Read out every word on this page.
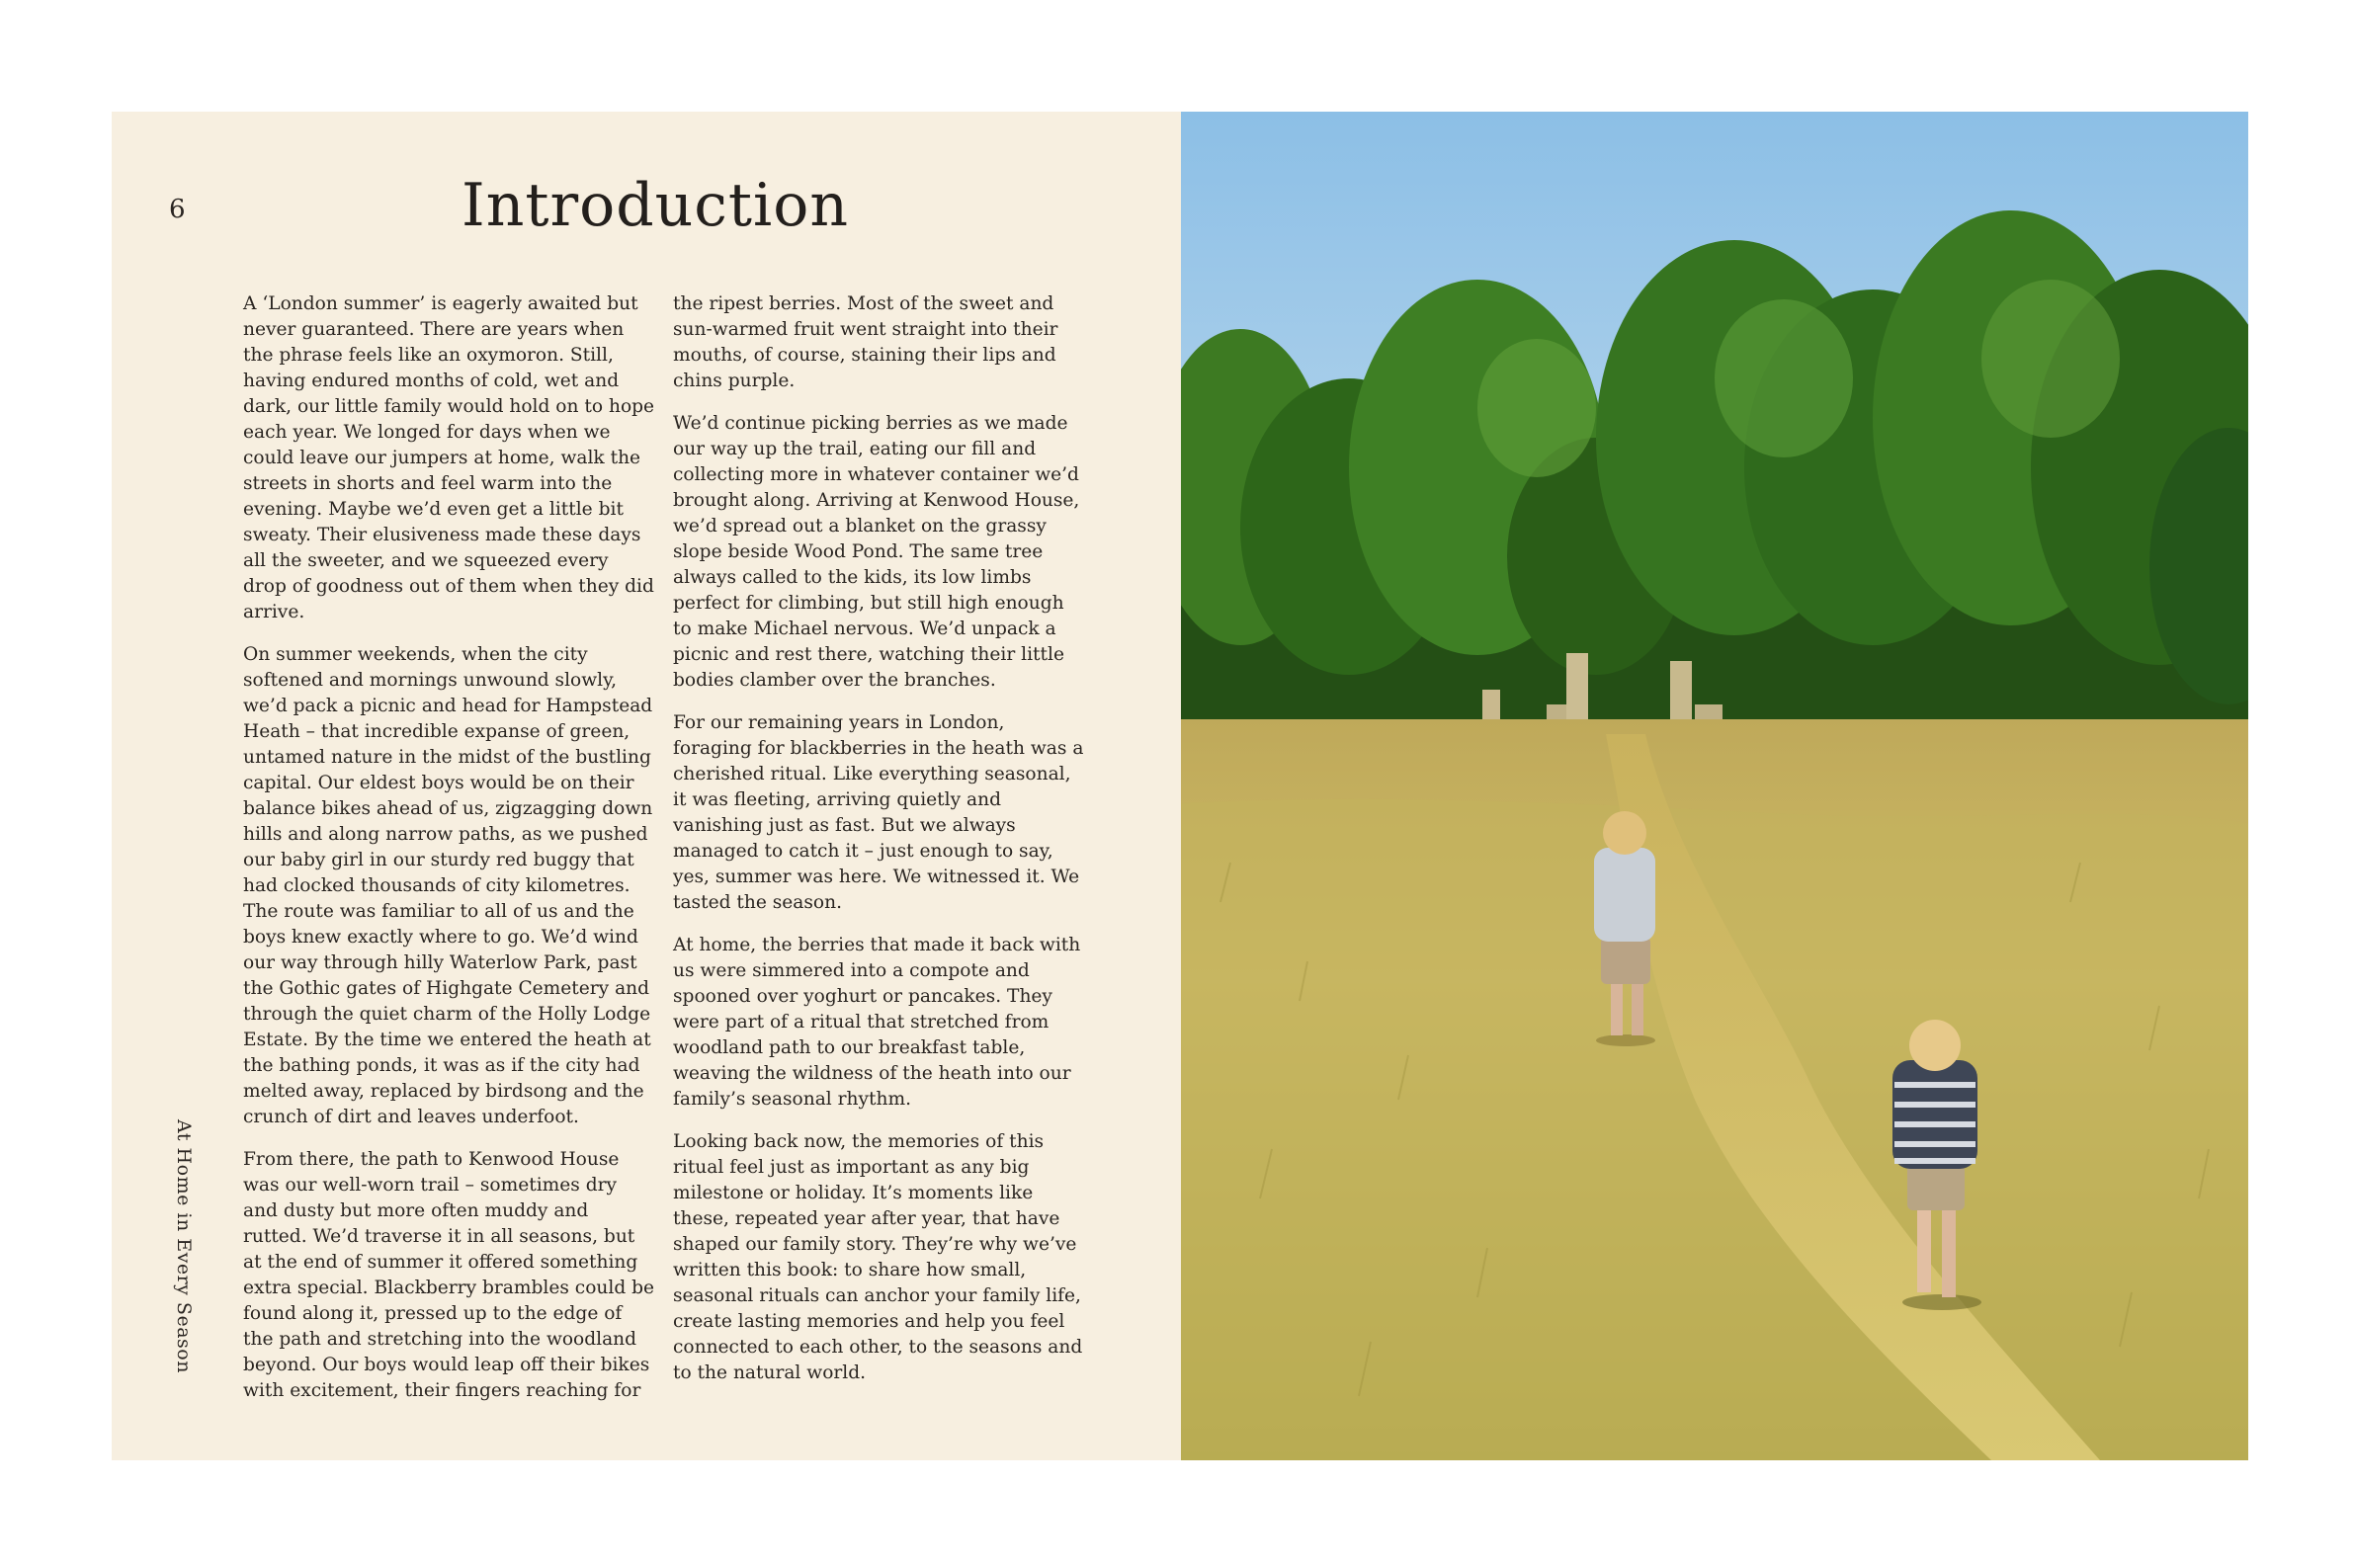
6	Introduction

A ‘London summer’ is eagerly awaited but never guaranteed. There are years when the phrase feels like an oxymoron. Still, having endured months of cold, wet and dark, our little family would hold on to hope each year. We longed for days when we could leave our jumpers at home, walk the streets in shorts and feel warm into the evening. Maybe we’d even get a little bit sweaty. Their elusiveness made these days all the sweeter, and we squeezed every drop of goodness out of them when they did arrive.

On summer weekends, when the city softened and mornings unwound slowly, we’d pack a picnic and head for Hampstead Heath – that incredible expanse of green, untamed nature in the midst of the bustling capital. Our eldest boys would be on their balance bikes ahead of us, zigzagging down hills and along narrow paths, as we pushed our baby girl in our sturdy red buggy that had clocked thousands of city kilometres. The route was familiar to all of us and the boys knew exactly where to go. We’d wind our way through hilly Waterlow Park, past the Gothic gates of Highgate Cemetery and through the quiet charm of the Holly Lodge Estate. By the time we entered the heath at the bathing ponds, it was as if the city had melted away, replaced by birdsong and the crunch of dirt and leaves underfoot.

From there, the path to Kenwood House was our well-worn trail – sometimes dry and dusty but more often muddy and rutted. We’d traverse it in all seasons, but at the end of summer it offered something extra special. Blackberry brambles could be found along it, pressed up to the edge of the path and stretching into the woodland beyond. Our boys would leap off their bikes with excitement, their fingers reaching for

the ripest berries. Most of the sweet and sun-warmed fruit went straight into their mouths, of course, staining their lips and chins purple.

We’d continue picking berries as we made our way up the trail, eating our fill and collecting more in whatever container we’d brought along. Arriving at Kenwood House, we’d spread out a blanket on the grassy slope beside Wood Pond. The same tree always called to the kids, its low limbs perfect for climbing, but still high enough to make Michael nervous. We’d unpack a picnic and rest there, watching their little bodies clamber over the branches.

For our remaining years in London, foraging for blackberries in the heath was a cherished ritual. Like everything seasonal, it was fleeting, arriving quietly and vanishing just as fast. But we always managed to catch it – just enough to say, yes, summer was here. We witnessed it. We tasted the season.

At home, the berries that made it back with us were simmered into a compote and spooned over yoghurt or pancakes. They were part of a ritual that stretched from woodland path to our breakfast table, weaving the wildness of the heath into our family’s seasonal rhythm.

Looking back now, the memories of this ritual feel just as important as any big milestone or holiday. It’s moments like these, repeated year after year, that have shaped our family story. They’re why we’ve written this book: to share how small, seasonal rituals can anchor your family life, create lasting memories and help you feel connected to each other, to the seasons and to the natural world.

At Home in Every Season
